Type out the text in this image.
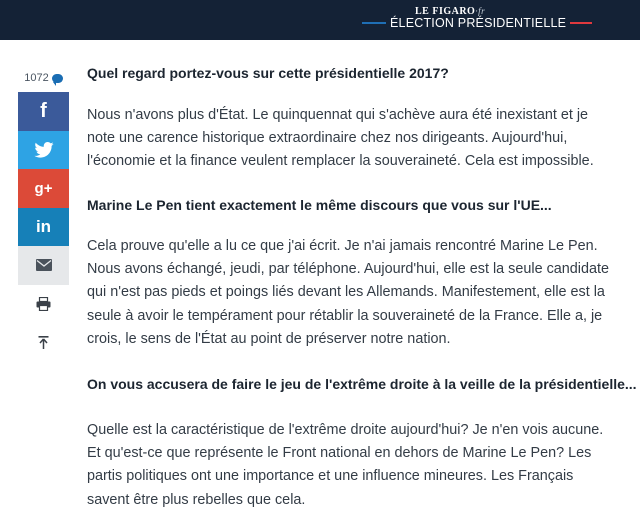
LE FIGARO·fr
ÉLECTION PRÉSIDENTIELLE
1072
f
g+
in
Quel regard portez-vous sur cette présidentielle 2017?
Nous n'avons plus d'État. Le quinquennat qui s'achève aura été inexistant et je
note une carence historique extraordinaire chez nos dirigeants. Aujourd'hui,
l'économie et la finance veulent remplacer la souveraineté. Cela est impossible.
Marine Le Pen tient exactement le même discours que vous sur l'UE...
Cela prouve qu'elle a lu ce que j'ai écrit. Je n'ai jamais rencontré Marine Le Pen.
Nous avons échangé, jeudi, par téléphone. Aujourd'hui, elle est la seule candidate
qui n'est pas pieds et poings liés devant les Allemands. Manifestement, elle est la
seule à avoir le tempérament pour rétablir la souveraineté de la France. Elle a, je
crois, le sens de l'État au point de préserver notre nation.
On vous accusera de faire le jeu de l'extrême droite à la veille de la présidentielle...
Quelle est la caractéristique de l'extrême droite aujourd'hui? Je n'en vois aucune.
Et qu'est-ce que représente le Front national en dehors de Marine Le Pen? Les
partis politiques ont une importance et une influence mineures. Les Français
savent être plus rebelles que cela.
